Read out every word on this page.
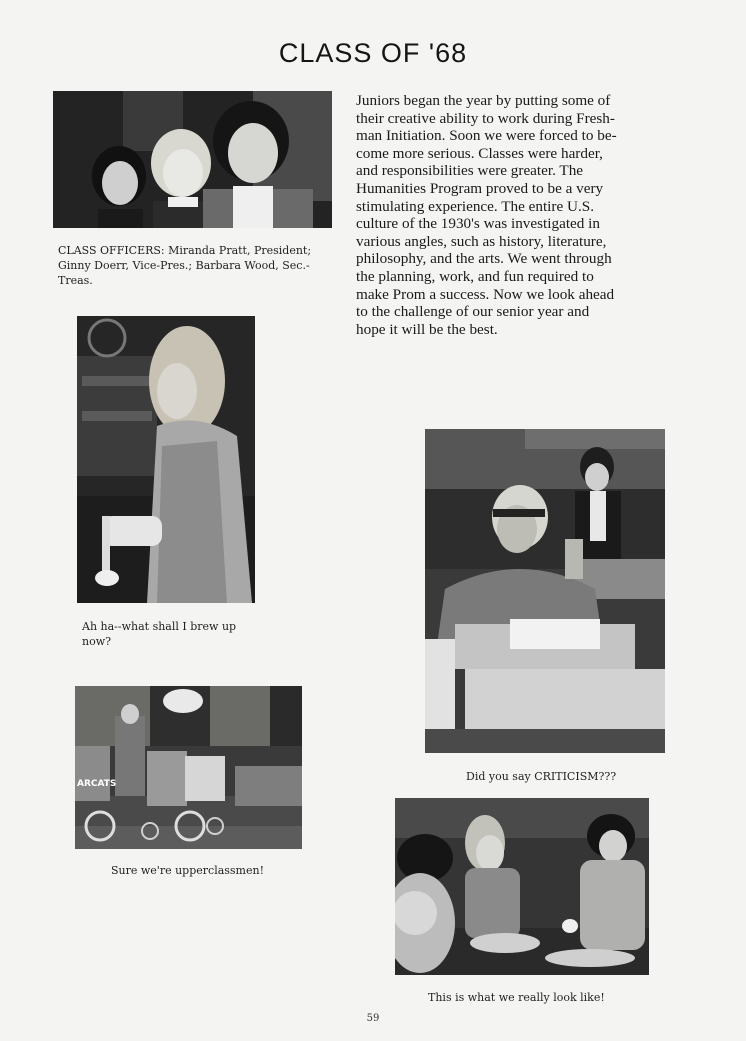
CLASS OF '68
CLASS OFFICERS: Miranda Pratt, President; Ginny Doerr, Vice-Pres.; Barbara Wood, Sec.-Treas.
Juniors began the year by putting some of
their creative ability to work during Fresh-
man Initiation. Soon we were forced to be-
come more serious. Classes were harder,
and responsibilities were greater. The
Humanities Program proved to be a very
stimulating experience. The entire U.S.
culture of the 1930's was investigated in
various angles, such as history, literature,
philosophy, and the arts. We went through
the planning, work, and fun required to
make Prom a success. Now we look ahead
to the challenge of our senior year and
hope it will be the best.
Ah ha--what shall I brew up now?
Did you say CRITICISM???
ARCATS
Sure we're upperclassmen!
This is what we really look like!
59
